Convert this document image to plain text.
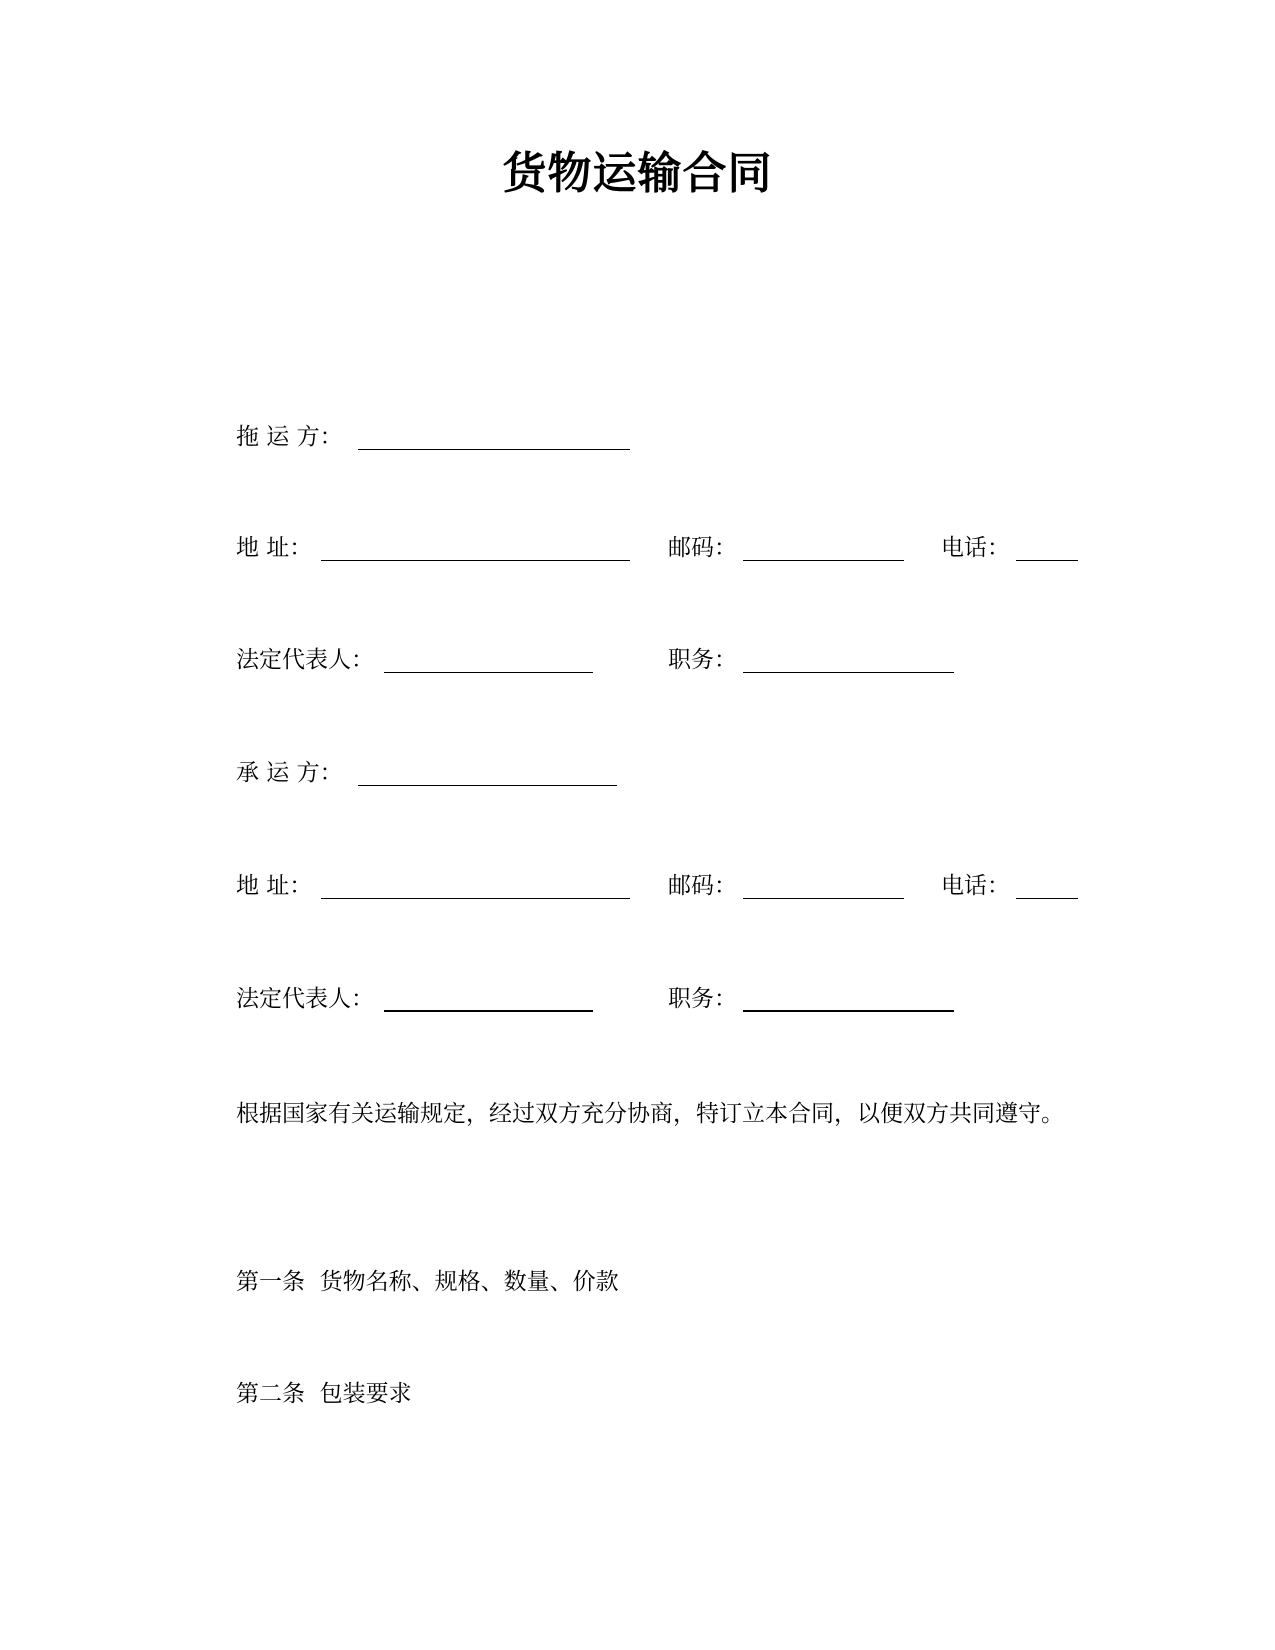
货物运输合同
拖 运 方：
地 址：	邮码：	电话：
法定代表人：	职务：
承 运 方：
地 址：	邮码：	电话：
法定代表人：	职务：
根据国家有关运输规定，经过双方充分协商，特订立本合同，以便双方共同遵守。
第一条 货物名称、规格、数量、价款
第二条 包装要求
